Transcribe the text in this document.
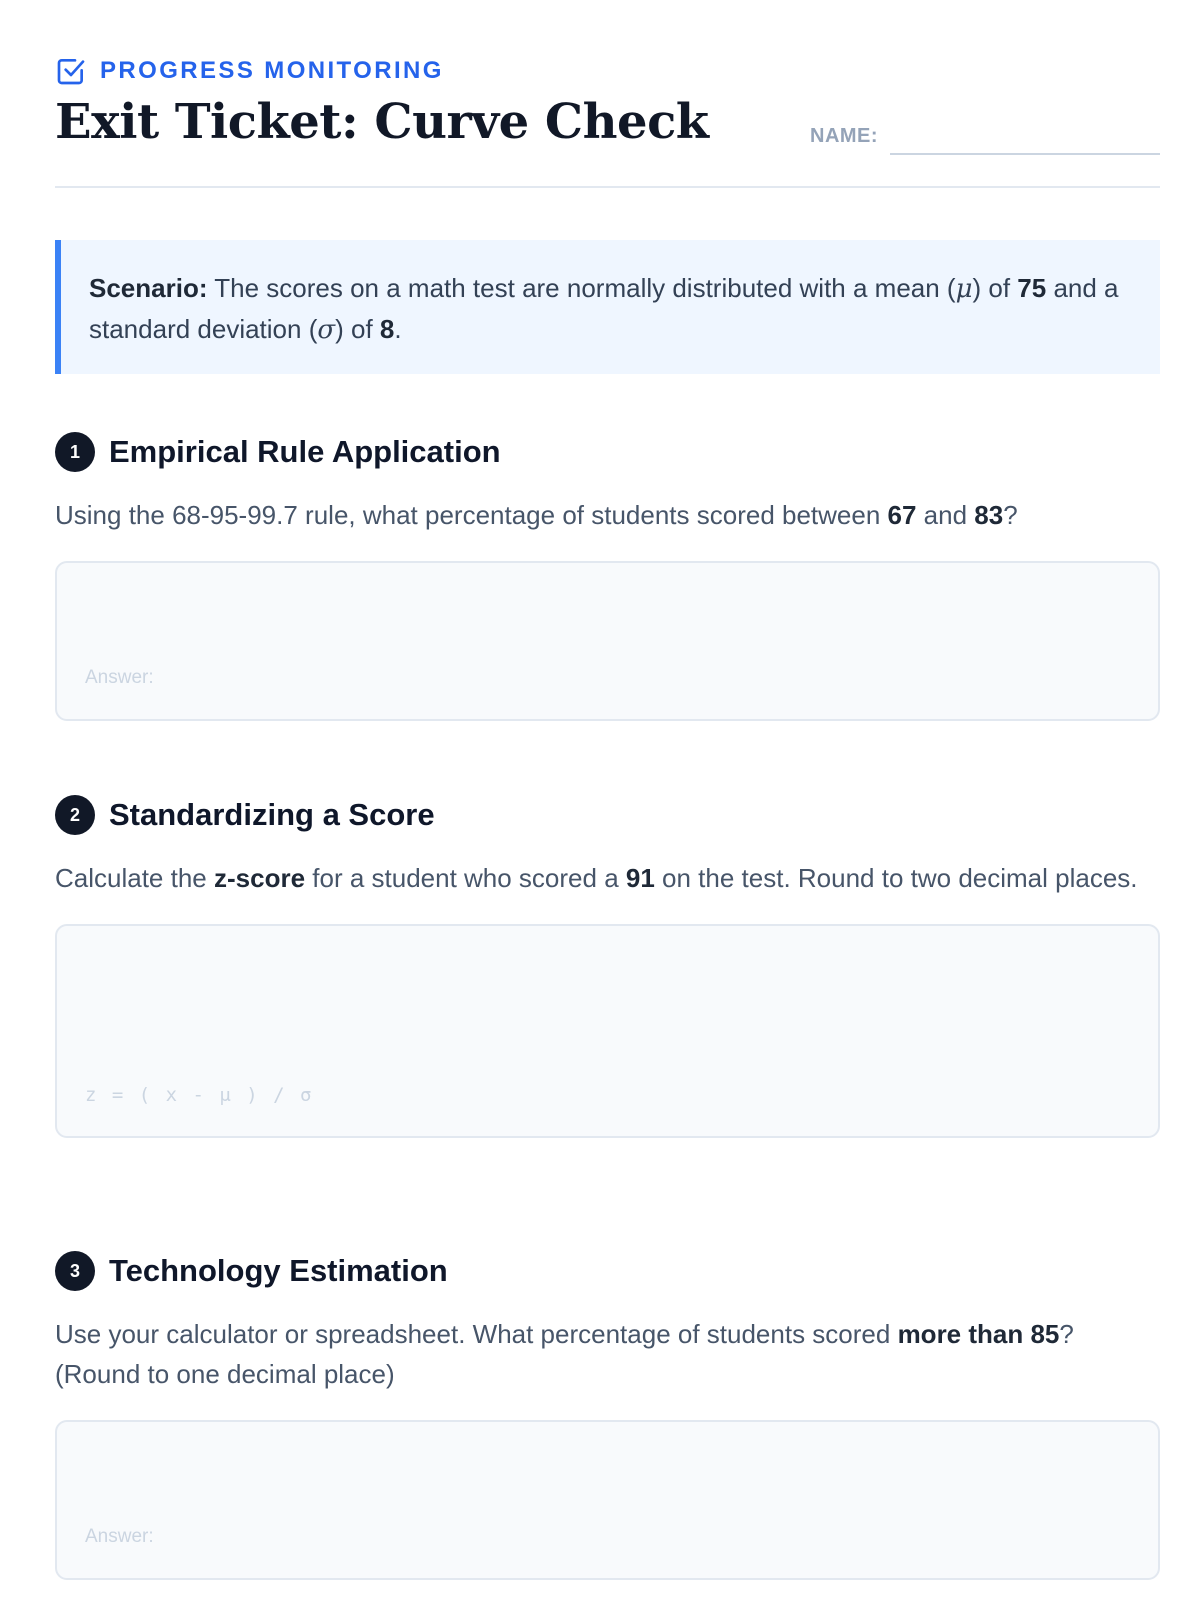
PROGRESS MONITORING
Exit Ticket: Curve Check	NAME:
Scenario: The scores on a math test are normally distributed with a mean (μ) of 75 and a standard deviation (σ) of 8.
1 Empirical Rule Application
Using the 68-95-99.7 rule, what percentage of students scored between 67 and 83?
Answer:
2 Standardizing a Score
Calculate the z-score for a student who scored a 91 on the test. Round to two decimal places.
z = ( x - μ ) / σ
3 Technology Estimation
Use your calculator or spreadsheet. What percentage of students scored more than 85? (Round to one decimal place)
Answer:
